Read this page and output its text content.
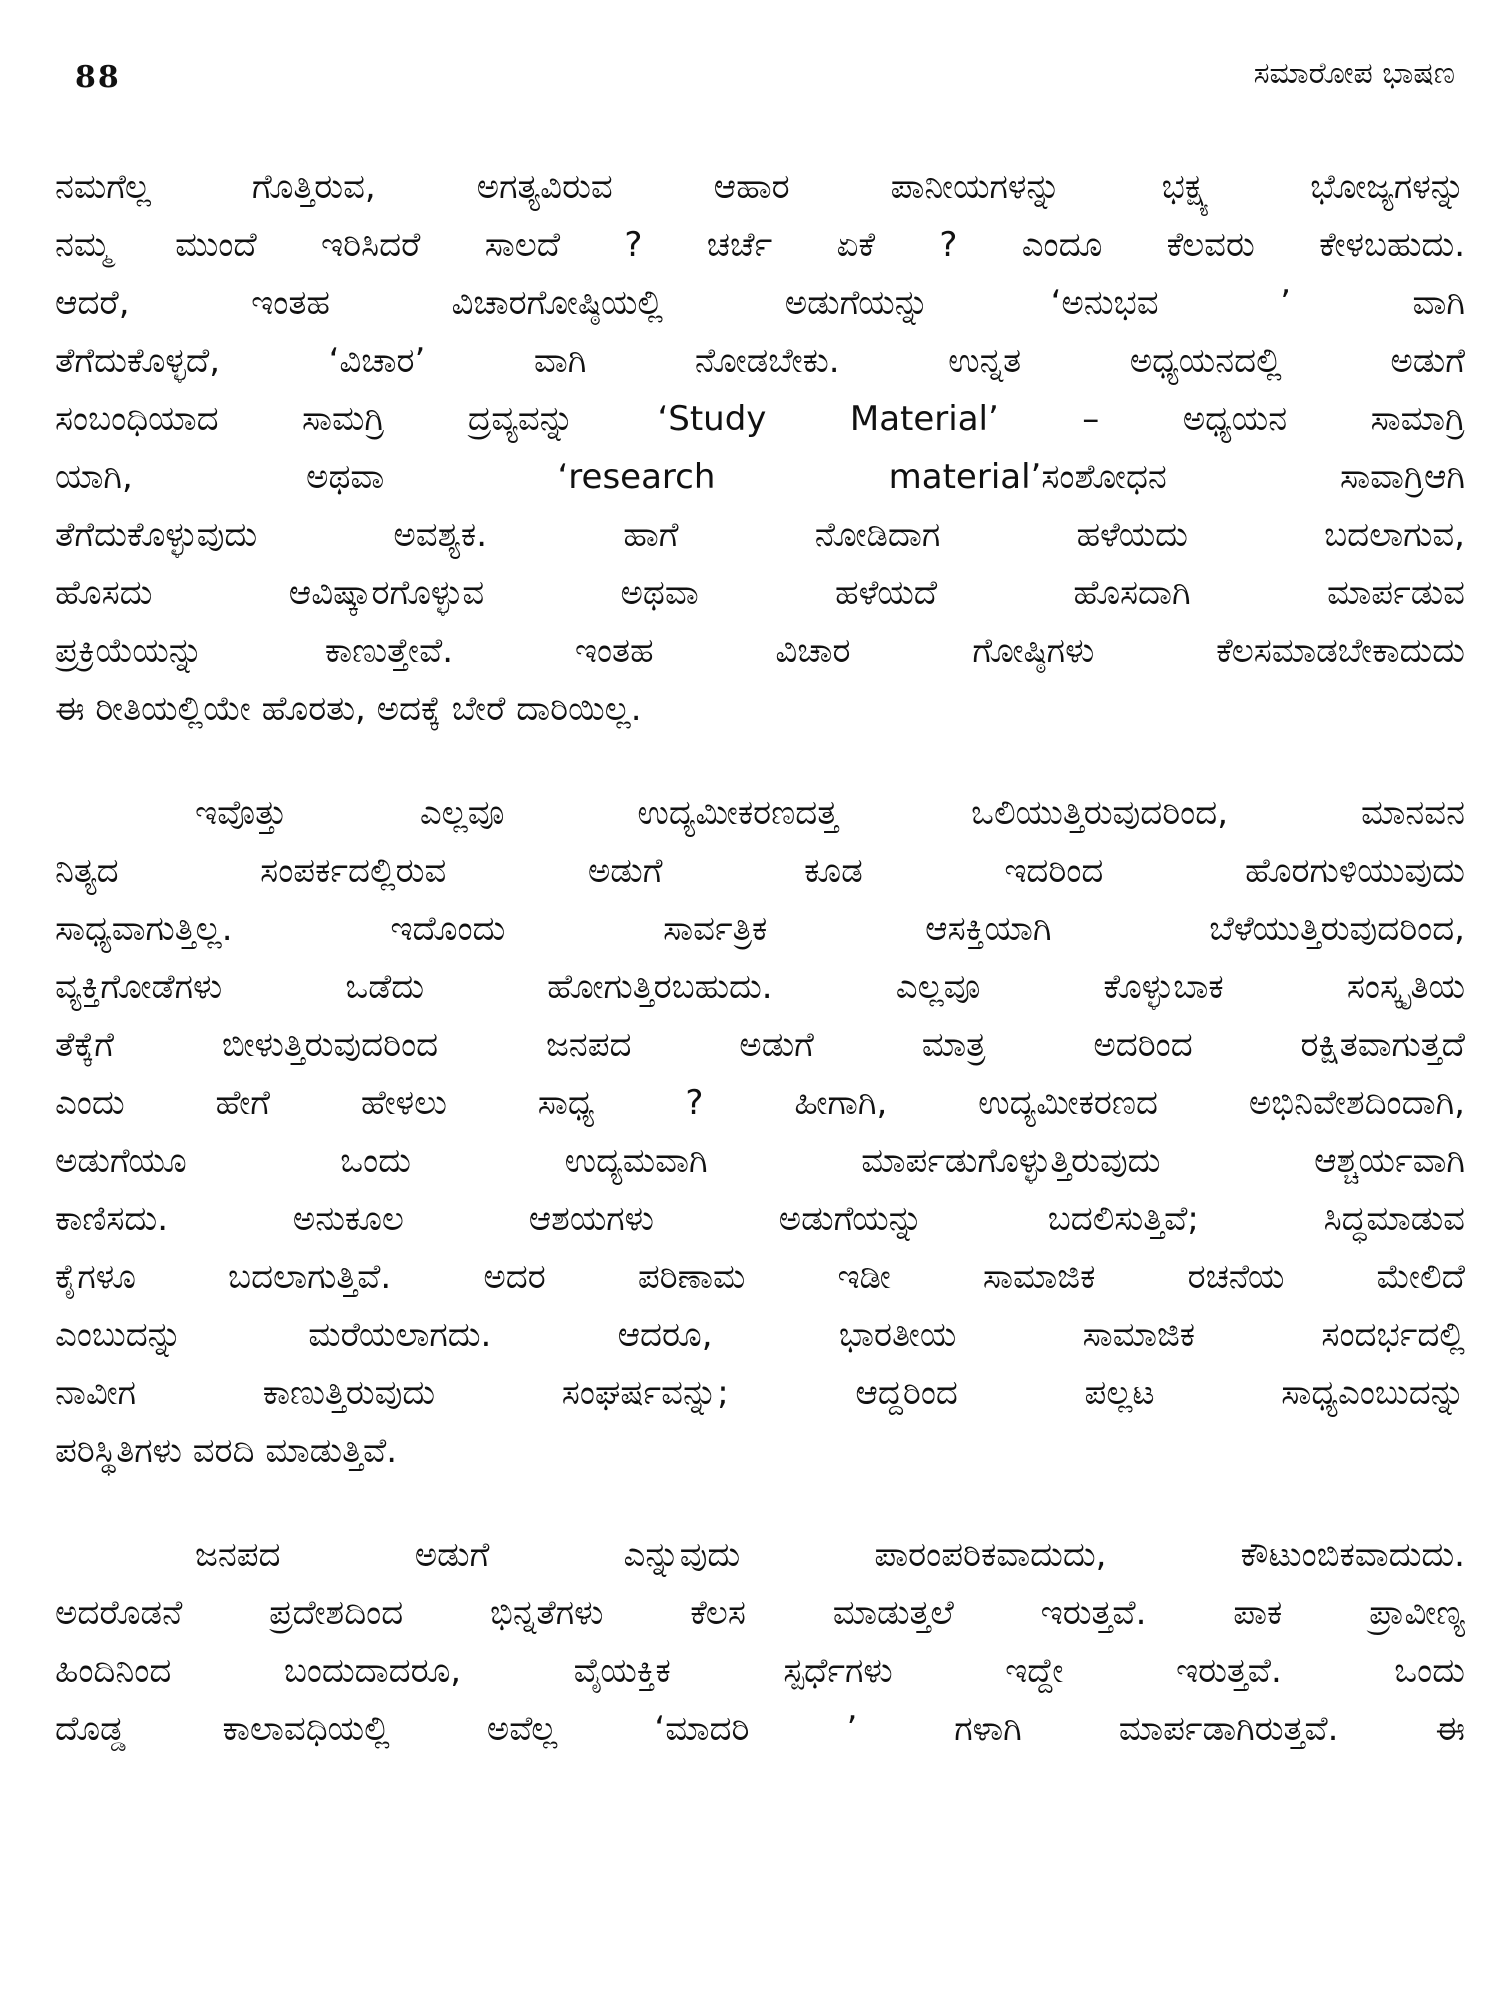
88	ಸಮಾರೋಪ ಭಾಷಣ
ನಮಗೆಲ್ಲ ಗೊತ್ತಿರುವ, ಅಗತ್ಯವಿರುವ ಆಹಾರ ಪಾನೀಯಗಳನ್ನು ಭಕ್ಷ್ಯ ಭೋಜ್ಯಗಳನ್ನು
ನಮ್ಮ ಮುಂದೆ ಇರಿಸಿದರೆ ಸಾಲದೆ ? ಚರ್ಚೆ ಏಕೆ ? ಎಂದೂ ಕೆಲವರು ಕೇಳಬಹುದು.
ಆದರೆ, ಇಂತಹ ವಿಚಾರಗೋಷ್ಠಿಯಲ್ಲಿ ಅಡುಗೆಯನ್ನು ‘ಅನುಭವ ’ ವಾಗಿ
ತೆಗೆದುಕೊಳ್ಳದೆ, ‘ವಿಚಾರ’ ವಾಗಿ ನೋಡಬೇಕು. ಉನ್ನತ ಅಧ್ಯಯನದಲ್ಲಿ ಅಡುಗೆ
ಸಂಬಂಧಿಯಾದ ಸಾಮಗ್ರಿ ದ್ರವ್ಯವನ್ನು ‘Study Material’ – ಅಧ್ಯಯನ ಸಾಮಾಗ್ರಿ
ಯಾಗಿ, ಅಥವಾ ‘research material’ಸಂಶೋಧನ ಸಾವಾಗ್ರಿಆಗಿ
ತೆಗೆದುಕೊಳ್ಳುವುದು ಅವಶ್ಯಕ. ಹಾಗೆ ನೋಡಿದಾಗ ಹಳೆಯದು ಬದಲಾಗುವ,
ಹೊಸದು ಆವಿಷ್ಕಾರಗೊಳ್ಳುವ ಅಥವಾ ಹಳೆಯದೆ ಹೊಸದಾಗಿ ಮಾರ್ಪಡುವ
ಪ್ರಕ್ರಿಯೆಯನ್ನು ಕಾಣುತ್ತೇವೆ. ಇಂತಹ ವಿಚಾರ ಗೋಷ್ಠಿಗಳು ಕೆಲಸಮಾಡಬೇಕಾದುದು
ಈ ರೀತಿಯಲ್ಲಿಯೇ ಹೊರತು, ಅದಕ್ಕೆ ಬೇರೆ ದಾರಿಯಿಲ್ಲ.
ಇವೊತ್ತು ಎಲ್ಲವೂ ಉದ್ಯಮೀಕರಣದತ್ತ ಒಲಿಯುತ್ತಿರುವುದರಿಂದ, ಮಾನವನ
ನಿತ್ಯದ ಸಂಪರ್ಕದಲ್ಲಿರುವ ಅಡುಗೆ ಕೂಡ ಇದರಿಂದ ಹೊರಗುಳಿಯುವುದು
ಸಾಧ್ಯವಾಗುತ್ತಿಲ್ಲ. ಇದೊಂದು ಸಾರ್ವತ್ರಿಕ ಆಸಕ್ತಿಯಾಗಿ ಬೆಳೆಯುತ್ತಿರುವುದರಿಂದ,
ವ್ಯಕ್ತಿಗೋಡೆಗಳು ಒಡೆದು ಹೋಗುತ್ತಿರಬಹುದು. ಎಲ್ಲವೂ ಕೊಳ್ಳುಬಾಕ ಸಂಸ್ಕೃತಿಯ
ತೆಕ್ಕೆಗೆ ಬೀಳುತ್ತಿರುವುದರಿಂದ ಜನಪದ ಅಡುಗೆ ಮಾತ್ರ ಅದರಿಂದ ರಕ್ಷಿತವಾಗುತ್ತದೆ
ಎಂದು ಹೇಗೆ ಹೇಳಲು ಸಾಧ್ಯ ? ಹೀಗಾಗಿ, ಉದ್ಯಮೀಕರಣದ ಅಭಿನಿವೇಶದಿಂದಾಗಿ,
ಅಡುಗೆಯೂ ಒಂದು ಉದ್ಯಮವಾಗಿ ಮಾರ್ಪಡುಗೊಳ್ಳುತ್ತಿರುವುದು ಆಶ್ಚರ್ಯವಾಗಿ
ಕಾಣಿಸದು. ಅನುಕೂಲ ಆಶಯಗಳು ಅಡುಗೆಯನ್ನು ಬದಲಿಸುತ್ತಿವೆ; ಸಿದ್ಧಮಾಡುವ
ಕೈಗಳೂ ಬದಲಾಗುತ್ತಿವೆ. ಅದರ ಪರಿಣಾಮ ಇಡೀ ಸಾಮಾಜಿಕ ರಚನೆಯ ಮೇಲಿದೆ
ಎಂಬುದನ್ನು ಮರೆಯಲಾಗದು. ಆದರೂ, ಭಾರತೀಯ ಸಾಮಾಜಿಕ ಸಂದರ್ಭದಲ್ಲಿ
ನಾವೀಗ ಕಾಣುತ್ತಿರುವುದು ಸಂಘರ್ಷವನ್ನು; ಆದ್ದರಿಂದ ಪಲ್ಲಟ ಸಾಧ್ಯಎಂಬುದನ್ನು
ಪರಿಸ್ಥಿತಿಗಳು ವರದಿ ಮಾಡುತ್ತಿವೆ.
ಜನಪದ ಅಡುಗೆ ಎನ್ನುವುದು ಪಾರಂಪರಿಕವಾದುದು, ಕೌಟುಂಬಿಕವಾದುದು.
ಅದರೊಡನೆ ಪ್ರದೇಶದಿಂದ ಭಿನ್ನತೆಗಳು ಕೆಲಸ ಮಾಡುತ್ತಲೆ ಇರುತ್ತವೆ. ಪಾಕ ಪ್ರಾವೀಣ್ಯ
ಹಿಂದಿನಿಂದ ಬಂದುದಾದರೂ, ವೈಯಕ್ತಿಕ ಸ್ಪರ್ಧೆಗಳು ಇದ್ದೇ ಇರುತ್ತವೆ. ಒಂದು
ದೊಡ್ಡ ಕಾಲಾವಧಿಯಲ್ಲಿ ಅವೆಲ್ಲ ‘ಮಾದರಿ ’ ಗಳಾಗಿ ಮಾರ್ಪಡಾಗಿರುತ್ತವೆ. ಈ
